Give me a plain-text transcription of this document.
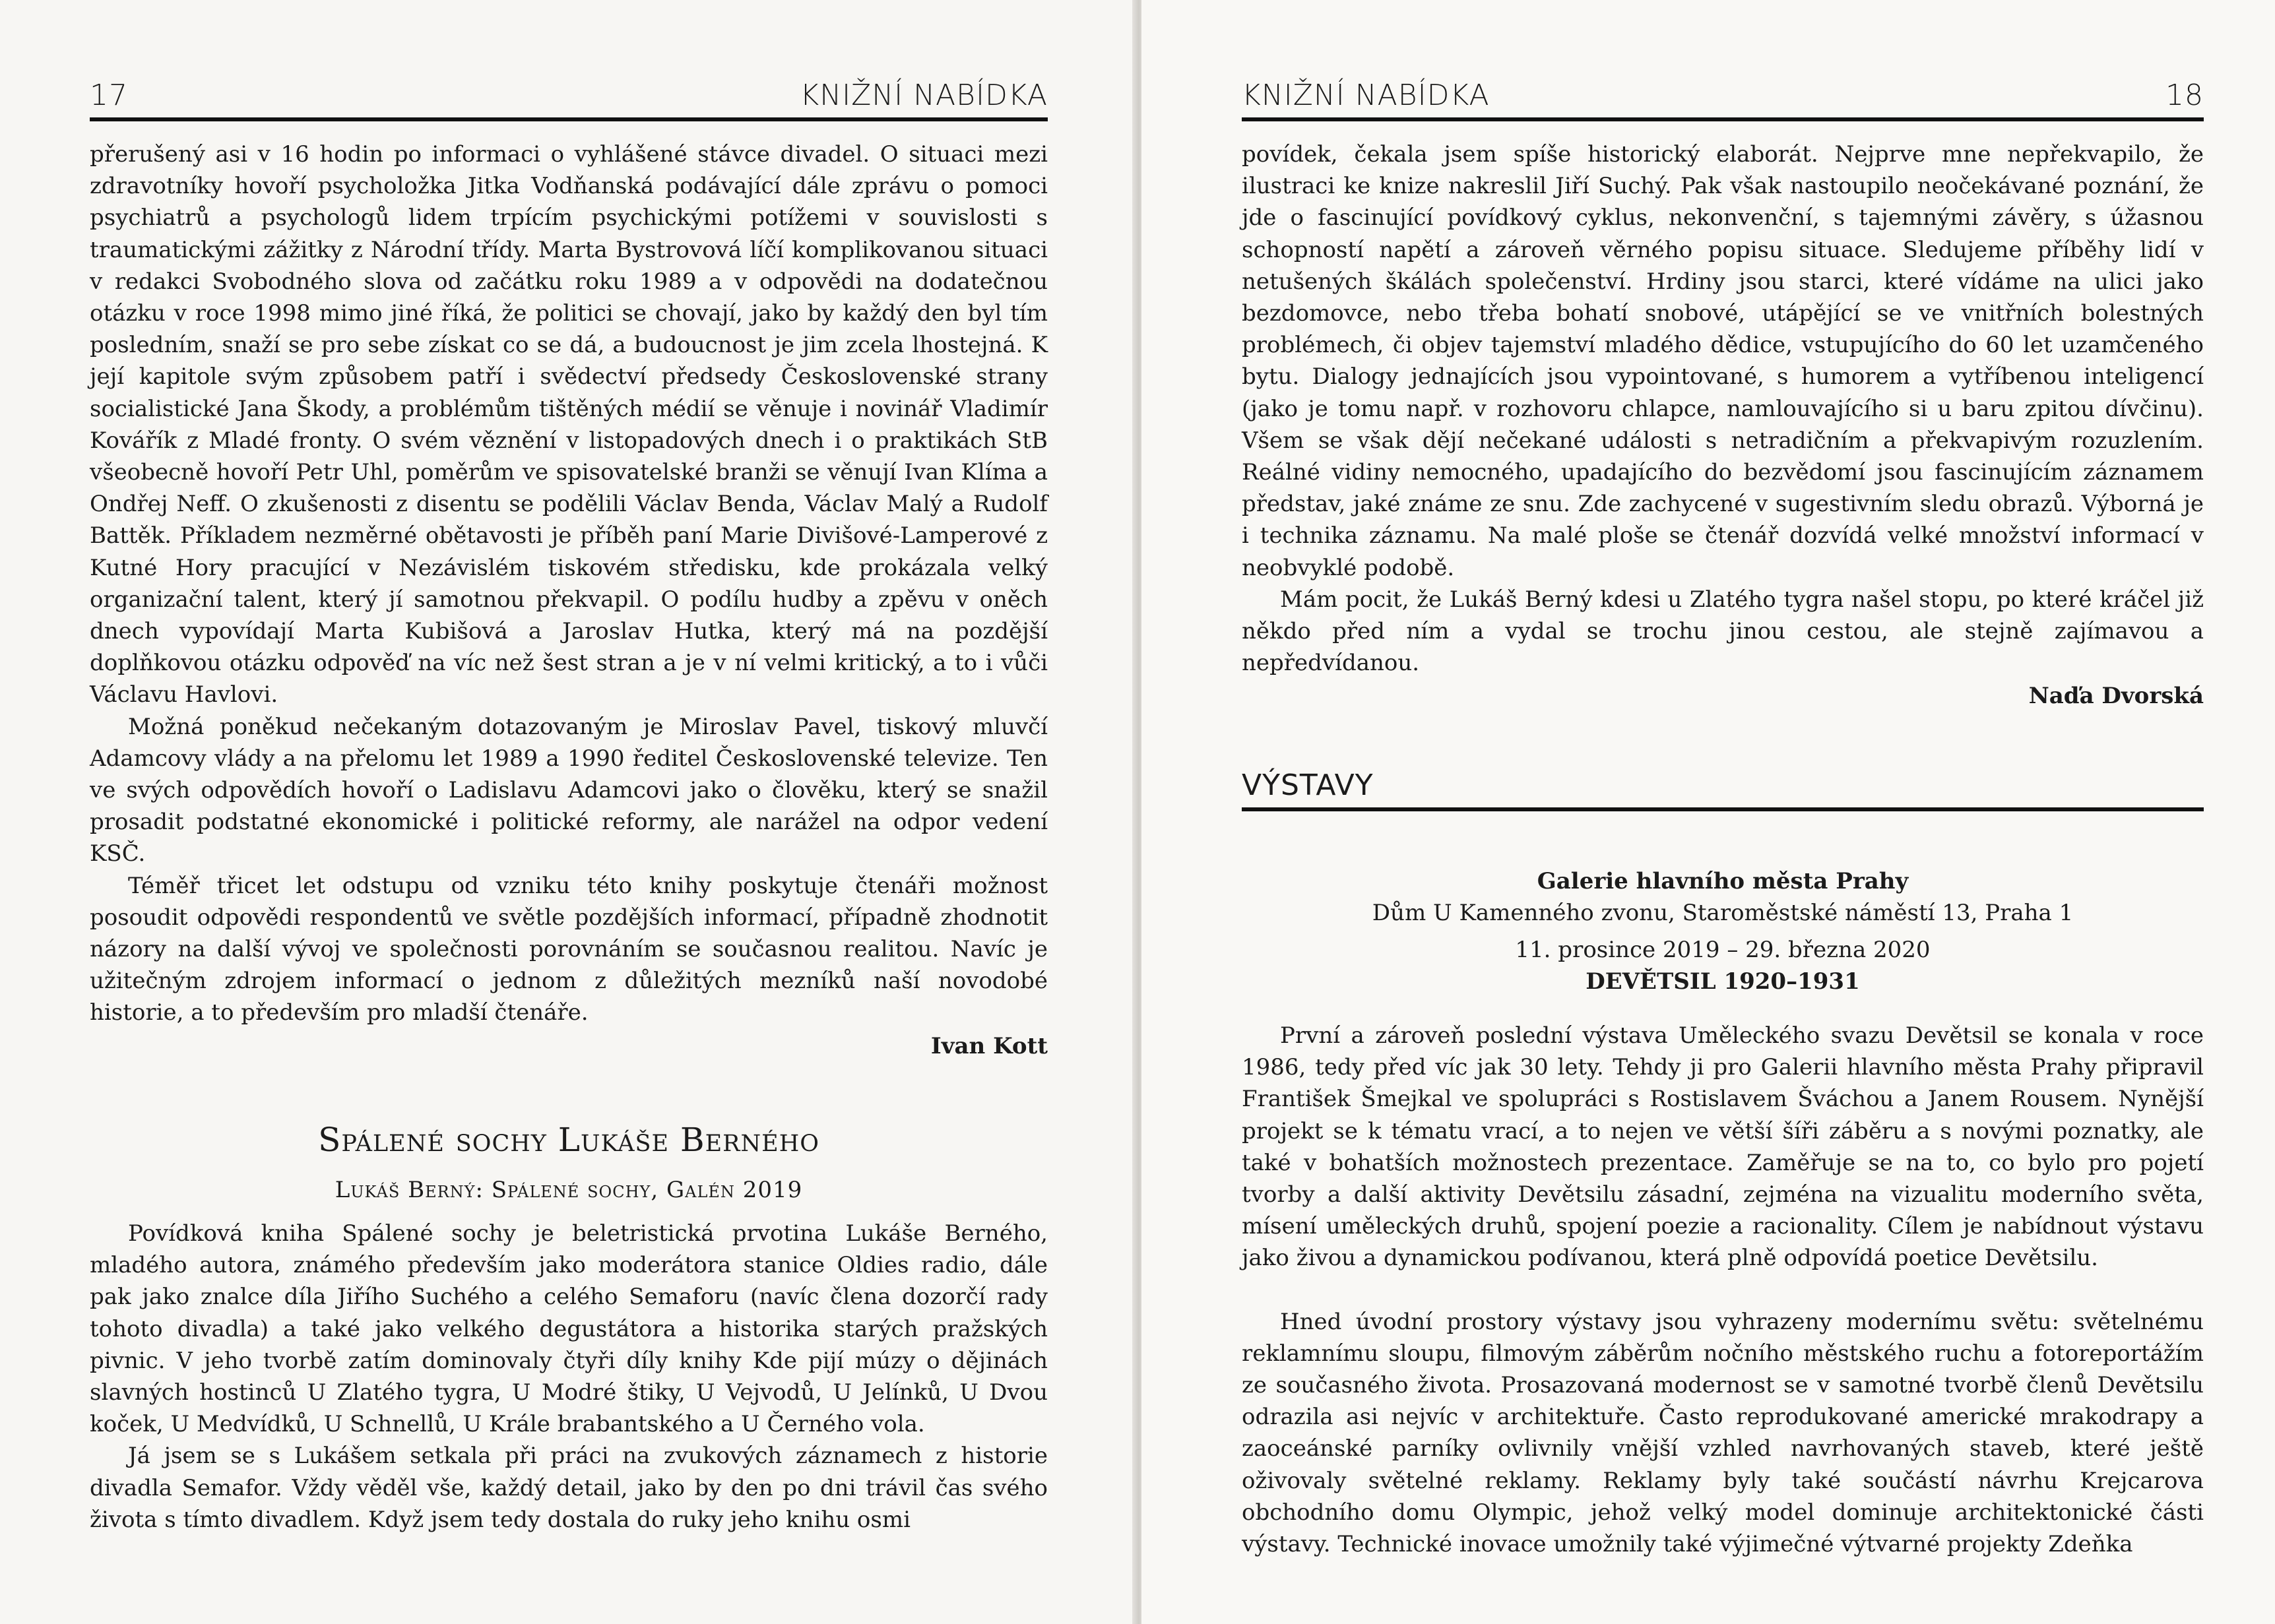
17	KNIŽNÍ NABÍDKA

přerušený asi v 16 hodin po informaci o vyhlášené stávce divadel. O situaci mezi zdravotníky hovoří psycholožka Jitka Vodňanská podávající dále zprávu o pomoci psychiatrů a psychologů lidem trpícím psychickými potížemi v souvislosti s traumatickými zážitky z Národní třídy. Marta Bystrovová líčí komplikovanou situaci v redakci Svobodného slova od začátku roku 1989 a v odpovědi na dodatečnou otázku v roce 1998 mimo jiné říká, že politici se chovají, jako by každý den byl tím posledním, snaží se pro sebe získat co se dá, a budoucnost je jim zcela lhostejná. K její kapitole svým způsobem patří i svědectví předsedy Československé strany socialistické Jana Škody, a problémům tištěných médií se věnuje i novinář Vladimír Kovářík z Mladé fronty. O svém věznění v listopadových dnech i o praktikách StB všeobecně hovoří Petr Uhl, poměrům ve spisovatelské branži se věnují Ivan Klíma a Ondřej Neff. O zkušenosti z disentu se podělili Václav Benda, Václav Malý a Rudolf Battěk. Příkladem nezměrné obětavosti je příběh paní Marie Divišové-Lamperové z Kutné Hory pracující v Nezávislém tiskovém středisku, kde prokázala velký organizační talent, který jí samotnou překvapil. O podílu hudby a zpěvu v oněch dnech vypovídají Marta Kubišová a Jaroslav Hutka, který má na pozdější doplňkovou otázku odpověď na víc než šest stran a je v ní velmi kritický, a to i vůči Václavu Havlovi.

Možná poněkud nečekaným dotazovaným je Miroslav Pavel, tiskový mluvčí Adamcovy vlády a na přelomu let 1989 a 1990 ředitel Československé televize. Ten ve svých odpovědích hovoří o Ladislavu Adamcovi jako o člověku, který se snažil prosadit podstatné ekonomické i politické reformy, ale narážel na odpor vedení KSČ.

Téměř třicet let odstupu od vzniku této knihy poskytuje čtenáři možnost posoudit odpovědi respondentů ve světle pozdějších informací, případně zhodnotit názory na další vývoj ve společnosti porovnáním se současnou realitou. Navíc je užitečným zdrojem informací o jednom z důležitých mezníků naší novodobé historie, a to především pro mladší čtenáře.

Ivan Kott

Spálené sochy Lukáše Berného
Lukáš Berný: Spálené sochy, Galén 2019

Povídková kniha Spálené sochy je beletristická prvotina Lukáše Berného, mladého autora, známého především jako moderátora stanice Oldies radio, dále pak jako znalce díla Jiřího Suchého a celého Semaforu (navíc člena dozorčí rady tohoto divadla) a také jako velkého degustátora a historika starých pražských pivnic. V jeho tvorbě zatím dominovaly čtyři díly knihy Kde pijí múzy o dějinách slavných hostinců U Zlatého tygra, U Modré štiky, U Vejvodů, U Jelínků, U Dvou koček, U Medvídků, U Schnellů, U Krále brabantského a U Černého vola.

Já jsem se s Lukášem setkala při práci na zvukových záznamech z historie divadla Semafor. Vždy věděl vše, každý detail, jako by den po dni trávil čas svého života s tímto divadlem. Když jsem tedy dostala do ruky jeho knihu osmi

KNIŽNÍ NABÍDKA	18

povídek, čekala jsem spíše historický elaborát. Nejprve mne nepřekvapilo, že ilustraci ke knize nakreslil Jiří Suchý. Pak však nastoupilo neočekávané poznání, že jde o fascinující povídkový cyklus, nekonvenční, s tajemnými závěry, s úžasnou schopností napětí a zároveň věrného popisu situace. Sledujeme příběhy lidí v netušených škálách společenství. Hrdiny jsou starci, které vídáme na ulici jako bezdomovce, nebo třeba bohatí snobové, utápějící se ve vnitřních bolestných problémech, či objev tajemství mladého dědice, vstupujícího do 60 let uzamčeného bytu. Dialogy jednajících jsou vypointované, s humorem a vytříbenou inteligencí (jako je tomu např. v rozhovoru chlapce, namlouvajícího si u baru zpitou dívčinu). Všem se však dějí nečekané události s netradičním a překvapivým rozuzlením. Reálné vidiny nemocného, upadajícího do bezvědomí jsou fascinujícím záznamem představ, jaké známe ze snu. Zde zachycené v sugestivním sledu obrazů. Výborná je i technika záznamu. Na malé ploše se čtenář dozvídá velké množství informací v neobvyklé podobě.

Mám pocit, že Lukáš Berný kdesi u Zlatého tygra našel stopu, po které kráčel již někdo před ním a vydal se trochu jinou cestou, ale stejně zajímavou a nepředvídanou.

Naďa Dvorská

VÝSTAVY
Galerie hlavního města Prahy
Dům U Kamenného zvonu, Staroměstské náměstí 13, Praha 1
11. prosince 2019 – 29. března 2020
DEVĚTSIL 1920–1931

První a zároveň poslední výstava Uměleckého svazu Devětsil se konala v roce 1986, tedy před víc jak 30 lety. Tehdy ji pro Galerii hlavního města Prahy připravil František Šmejkal ve spolupráci s Rostislavem Šváchou a Janem Rousem. Nynější projekt se k tématu vrací, a to nejen ve větší šíři záběru a s novými poznatky, ale také v bohatších možnostech prezentace. Zaměřuje se na to, co bylo pro pojetí tvorby a další aktivity Devětsilu zásadní, zejména na vizualitu moderního světa, mísení uměleckých druhů, spojení poezie a racionality. Cílem je nabídnout výstavu jako živou a dynamickou podívanou, která plně odpovídá poetice Devětsilu.

Hned úvodní prostory výstavy jsou vyhrazeny modernímu světu: světelnému reklamnímu sloupu, filmovým záběrům nočního městského ruchu a fotoreportážím ze současného života. Prosazovaná modernost se v samotné tvorbě členů Devětsilu odrazila asi nejvíc v architektuře. Často reprodukované americké mrakodrapy a zaoceánské parníky ovlivnily vnější vzhled navrhovaných staveb, které ještě oživovaly světelné reklamy. Reklamy byly také součástí návrhu Krejcarova obchodního domu Olympic, jehož velký model dominuje architektonické části výstavy. Technické inovace umožnily také výjimečné výtvarné projekty Zdeňka
